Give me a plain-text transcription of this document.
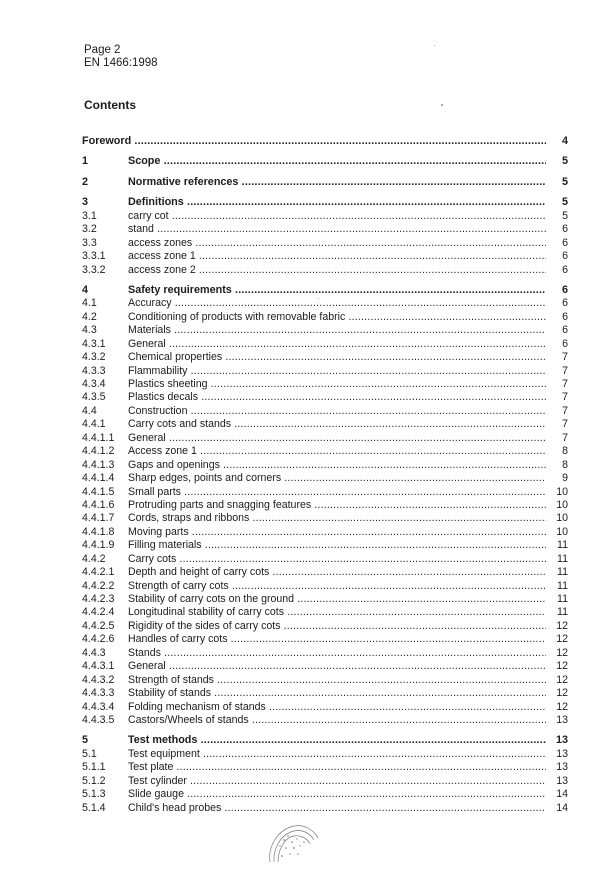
Page 2
EN 1466:1998
Contents
Foreword .....	4
1	Scope .....	5
2	Normative references .....	5
3	Definitions .....	5
3.1	carry cot .....	5
3.2	stand .....	6
3.3	access zones .....	6
3.3.1	access zone 1 .....	6
3.3.2	access zone 2 .....	6
4	Safety requirements .....	6
4.1	Accuracy .....	6
4.2	Conditioning of products with removable fabric .....	6
4.3	Materials .....	6
4.3.1	General .....	6
4.3.2	Chemical properties .....	7
4.3.3	Flammability .....	7
4.3.4	Plastics sheeting .....	7
4.3.5	Plastics decals .....	7
4.4	Construction .....	7
4.4.1	Carry cots and stands .....	7
4.4.1.1	General .....	7
4.4.1.2	Access zone 1 .....	8
4.4.1.3	Gaps and openings .....	8
4.4.1.4	Sharp edges, points and corners .....	9
4.4.1.5	Small parts .....	10
4.4.1.6	Protruding parts and snagging features .....	10
4.4.1.7	Cords, straps and ribbons .....	10
4.4.1.8	Moving parts .....	10
4.4.1.9	Filling materials .....	11
4.4.2	Carry cots .....	11
4.4.2.1	Depth and height of carry cots .....	11
4.4.2.2	Strength of carry cots .....	11
4.4.2.3	Stability of carry cots on the ground .....	11
4.4.2.4	Longitudinal stability of carry cots .....	11
4.4.2.5	Rigidity of the sides of carry cots .....	12
4.4.2.6	Handles of carry cots .....	12
4.4.3	Stands .....	12
4.4.3.1	General .....	12
4.4.3.2	Strength of stands .....	12
4.4.3.3	Stability of stands .....	12
4.4.3.4	Folding mechanism of stands .....	12
4.4.3.5	Castors/Wheels of stands .....	13
5	Test methods .....	13
5.1	Test equipment .....	13
5.1.1	Test plate .....	13
5.1.2	Test cylinder .....	13
5.1.3	Slide gauge .....	14
5.1.4	Child's head probes .....	14
